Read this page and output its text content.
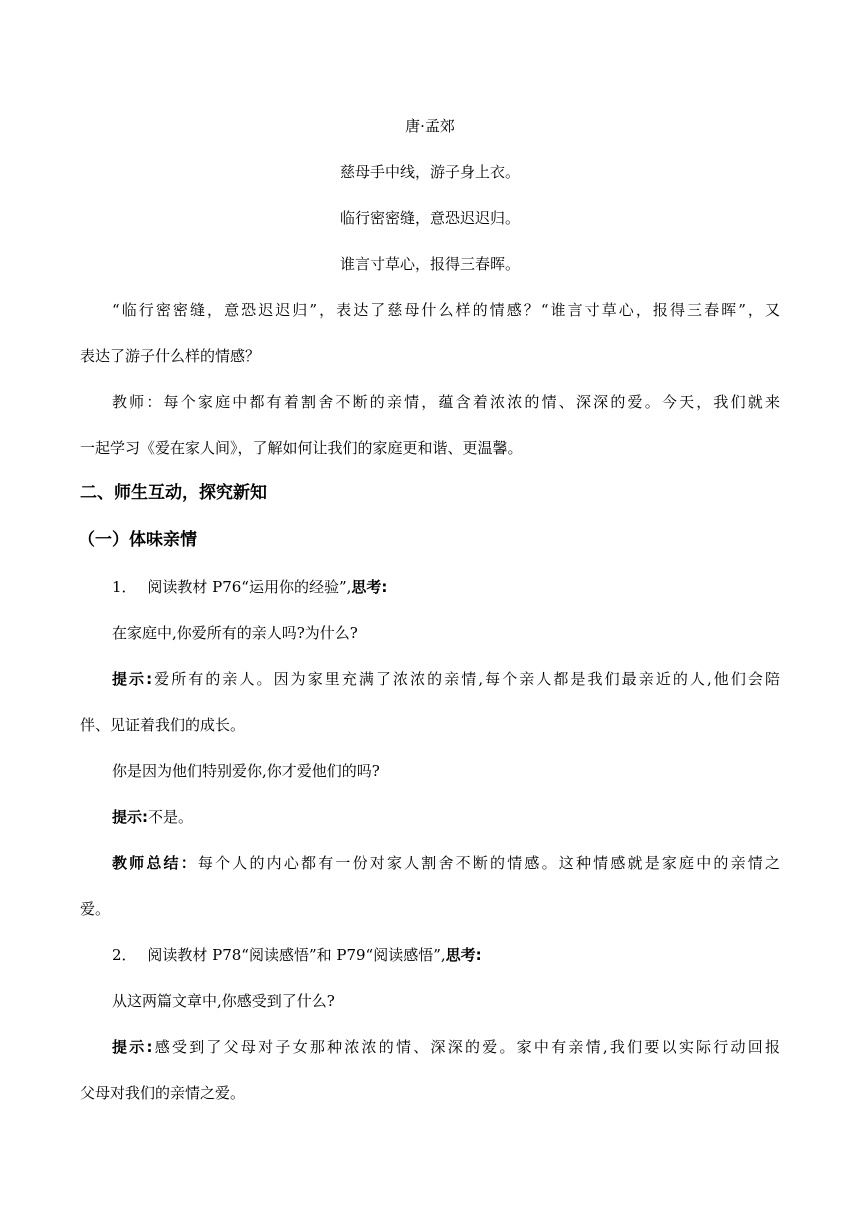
唐·孟郊
慈母手中线，游子身上衣。
临行密密缝，意恐迟迟归。
谁言寸草心，报得三春晖。
“临行密密缝，意恐迟迟归”，表达了慈母什么样的情感？“谁言寸草心，报得三春晖”，又
表达了游子什么样的情感？
教师：每个家庭中都有着割舍不断的亲情，蕴含着浓浓的情、深深的爱。今天，我们就来
一起学习《爱在家人间》，了解如何让我们的家庭更和谐、更温馨。
二、师生互动，探究新知
（一）体味亲情
1． 阅读教材 P76“运用你的经验”,思考:
在家庭中,你爱所有的亲人吗?为什么?
提示:爱所有的亲人。因为家里充满了浓浓的亲情,每个亲人都是我们最亲近的人,他们会陪
伴、见证着我们的成长。
你是因为他们特别爱你,你才爱他们的吗?
提示:不是。
教师总结：每个人的内心都有一份对家人割舍不断的情感。这种情感就是家庭中的亲情之
爱。
2． 阅读教材 P78“阅读感悟”和 P79“阅读感悟”,思考:
从这两篇文章中,你感受到了什么?
提示:感受到了父母对子女那种浓浓的情、深深的爱。家中有亲情,我们要以实际行动回报
父母对我们的亲情之爱。
